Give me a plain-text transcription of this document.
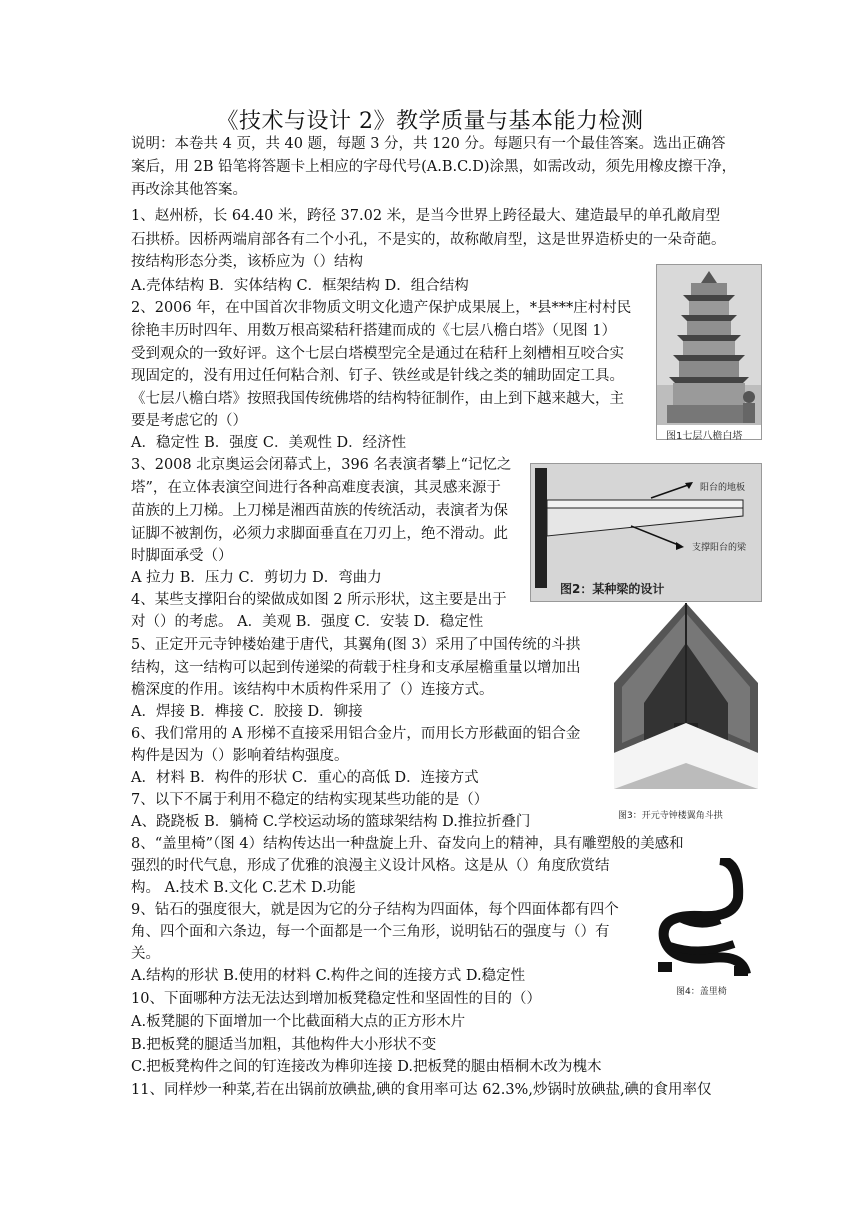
《技术与设计 2》教学质量与基本能力检测
说明：本卷共 4 页，共 40 题，每题 3 分，共 120 分。每题只有一个最佳答案。选出正确答
案后，用 2B 铅笔将答题卡上相应的字母代号(A.B.C.D)涂黑，如需改动，须先用橡皮擦干净，
再改涂其他答案。
1、赵州桥，长 64.40 米，跨径 37.02 米，是当今世界上跨径最大、建造最早的单孔敞肩型
石拱桥。因桥两端肩部各有二个小孔，不是实的，故称敞肩型，这是世界造桥史的一朵奇葩。
按结构形态分类，该桥应为（）结构
A.壳体结构 B．实体结构 C．框架结构 D．组合结构
2、2006 年，在中国首次非物质文明文化遗产保护成果展上，*县***庄村村民
徐艳丰历时四年、用数万根高粱秸秆搭建而成的《七层八檐白塔》（见图 1）
受到观众的一致好评。这个七层白塔模型完全是通过在秸秆上刻槽相互咬合实
现固定的，没有用过任何粘合剂、钉子、铁丝或是针线之类的辅助固定工具。
《七层八檐白塔》按照我国传统佛塔的结构特征制作，由上到下越来越大，主
要是考虑它的（）
A．稳定性 B．强度 C．美观性 D．经济性
3、2008 北京奥运会闭幕式上，396 名表演者攀上“记忆之
塔”，在立体表演空间进行各种高难度表演，其灵感来源于
苗族的上刀梯。上刀梯是湘西苗族的传统活动，表演者为保
证脚不被割伤，必须力求脚面垂直在刀刃上，绝不滑动。此
时脚面承受（）
A 拉力 B．压力 C．剪切力 D．弯曲力
4、某些支撑阳台的梁做成如图 2 所示形状，这主要是出于
对（）的考虑。 A．美观 B．强度 C．安装 D．稳定性
5、正定开元寺钟楼始建于唐代，其翼角(图 3）采用了中国传统的斗拱
结构，这一结构可以起到传递梁的荷载于柱身和支承屋檐重量以增加出
檐深度的作用。该结构中木质构件采用了（）连接方式。
A．焊接 B．榫接 C．胶接 D．铆接
6、我们常用的 A 形梯不直接采用铝合金片，而用长方形截面的铝合金
构件是因为（）影响着结构强度。
A．材料 B．构件的形状 C．重心的高低 D．连接方式
7、以下不属于利用不稳定的结构实现某些功能的是（）
A、跷跷板 B．躺椅 C.学校运动场的篮球架结构 D.推拉折叠门
8、“盖里椅”（图 4）结构传达出一种盘旋上升、奋发向上的精神，具有雕塑般的美感和
强烈的时代气息，形成了优雅的浪漫主义设计风格。这是从（）角度欣赏结
构。 A.技术 B.文化 C.艺术 D.功能
9、钻石的强度很大，就是因为它的分子结构为四面体，每个四面体都有四个
角、四个面和六条边，每一个面都是一个三角形，说明钻石的强度与（）有
关。
A.结构的形状 B.使用的材料 C.构件之间的连接方式 D.稳定性
10、下面哪种方法无法达到增加板凳稳定性和坚固性的目的（）
A.板凳腿的下面增加一个比截面稍大点的正方形木片
B.把板凳的腿适当加粗，其他构件大小形状不变
C.把板凳构件之间的钉连接改为榫卯连接 D.把板凳的腿由梧桐木改为槐木
11、同样炒一种菜,若在出锅前放碘盐,碘的食用率可达 62.3%,炒锅时放碘盐,碘的食用率仅
图1七层八檐白塔
阳台的地板
支撑阳台的梁
图2：某种梁的设计
图3：开元寺钟楼翼角斗拱
图4：盖里椅
